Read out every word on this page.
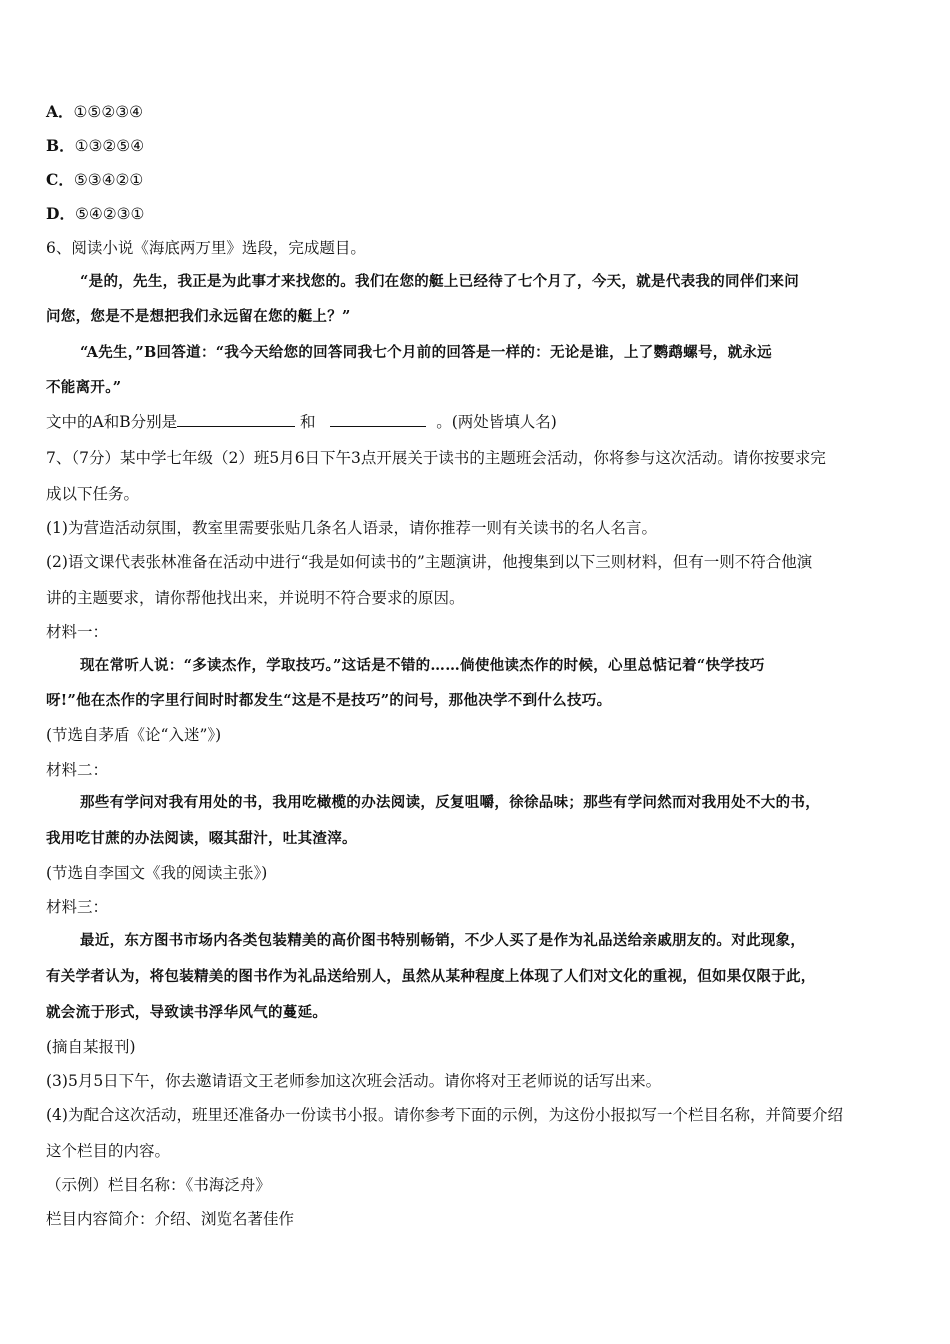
A．①⑤②③④
B．①③②⑤④
C．⑤③④②①
D．⑤④②③①
6、阅读小说《海底两万里》选段，完成题目。
“是的，先生，我正是为此事才来找您的。我们在您的艇上已经待了七个月了，今天，就是代表我的同伴们来问
问您，您是不是想把我们永远留在您的艇上？”
“A先生，”B回答道：“我今天给您的回答同我七个月前的回答是一样的：无论是谁，上了鹦鹉螺号，就永远
不能离开。”
文中的A和B分别是	和	。(两处皆填人名)
7、（7分）某中学七年级（2）班5月6日下午3点开展关于读书的主题班会活动，你将参与这次活动。请你按要求完
成以下任务。
(1)为营造活动氛围，教室里需要张贴几条名人语录，请你推荐一则有关读书的名人名言。
(2)语文课代表张林准备在活动中进行“我是如何读书的”主题演讲，他搜集到以下三则材料，但有一则不符合他演
讲的主题要求，请你帮他找出来，并说明不符合要求的原因。
材料一：
现在常听人说：“多读杰作，学取技巧。”这话是不错的……倘使他读杰作的时候，心里总惦记着“快学技巧
呀!”他在杰作的字里行间时时都发生“这是不是技巧”的问号，那他决学不到什么技巧。
(节选自茅盾《论“入迷”》)
材料二：
那些有学问对我有用处的书，我用吃橄榄的办法阅读，反复咀嚼，徐徐品味；那些有学问然而对我用处不大的书，
我用吃甘蔗的办法阅读，啜其甜汁，吐其渣滓。
(节选自李国文《我的阅读主张》)
材料三：
最近，东方图书市场内各类包装精美的高价图书特别畅销，不少人买了是作为礼品送给亲戚朋友的。对此现象，
有关学者认为，将包装精美的图书作为礼品送给别人，虽然从某种程度上体现了人们对文化的重视，但如果仅限于此，
就会流于形式，导致读书浮华风气的蔓延。
(摘自某报刊)
(3)5月5日下午，你去邀请语文王老师参加这次班会活动。请你将对王老师说的话写出来。
(4)为配合这次活动，班里还准备办一份读书小报。请你参考下面的示例，为这份小报拟写一个栏目名称，并简要介绍
这个栏目的内容。
（示例）栏目名称：《书海泛舟》
栏目内容简介：介绍、浏览名著佳作
